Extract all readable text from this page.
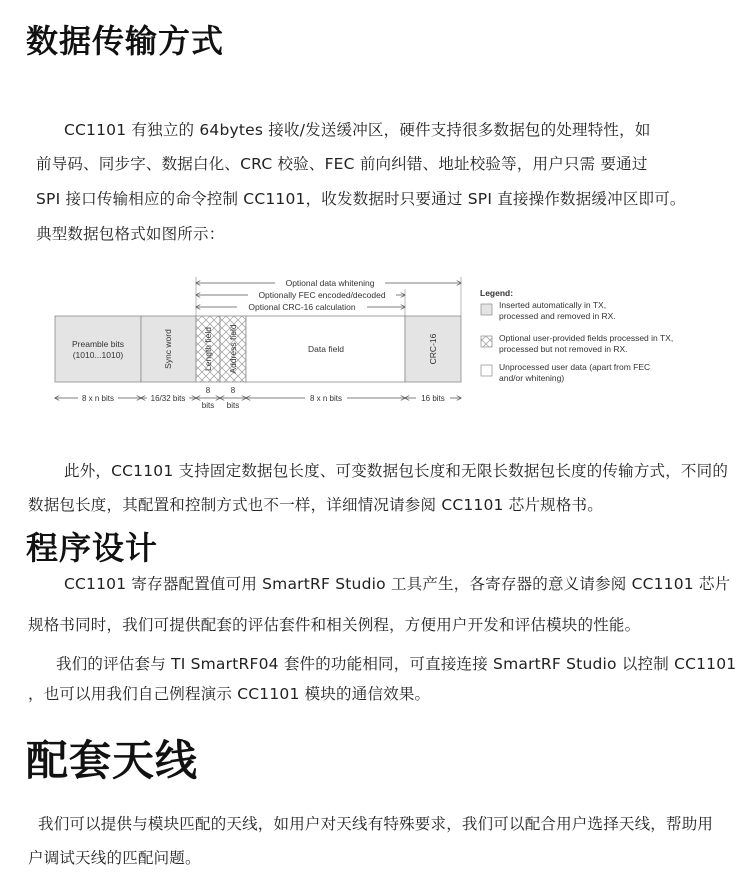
数据传输方式

CC1101 有独立的 64bytes 接收/发送缓冲区，硬件支持很多数据包的处理特性，如

前导码、同步字、数据白化、CRC 校验、FEC 前向纠错、地址校验等，用户只需 要通过

SPI 接口传输相应的命令控制 CC1101，收发数据时只要通过 SPI 直接操作数据缓冲区即可。

典型数据包格式如图所示：

Optional data whitening
Optionally FEC encoded/decoded
Optional CRC-16 calculation
Preamble bits
(1010...1010)	Sync word	Length field Address field	Data field	CRC-16
8 x n bits	16/32 bits
8
bits
8
bits
8 x n bits	16 bits
Legend:
Inserted automatically in TX,
processed and removed in RX.
Optional user-provided fields processed in TX,
processed but not removed in RX.
Unprocessed user data (apart from FEC
and/or whitening)

此外，CC1101 支持固定数据包长度、可变数据包长度和无限长数据包长度的传输方式，不同的

数据包长度，其配置和控制方式也不一样，详细情况请参阅 CC1101 芯片规格书。

程序设计

CC1101 寄存器配置值可用 SmartRF Studio 工具产生，各寄存器的意义请参阅 CC1101 芯片

规格书同时，我们可提供配套的评估套件和相关例程，方便用户开发和评估模块的性能。

我们的评估套与 TI SmartRF04 套件的功能相同，可直接连接 SmartRF Studio 以控制 CC1101

，也可以用我们自己例程演示 CC1101 模块的通信效果。

配套天线

我们可以提供与模块匹配的天线，如用户对天线有特殊要求，我们可以配合用户选择天线，帮助用

户调试天线的匹配问题。
